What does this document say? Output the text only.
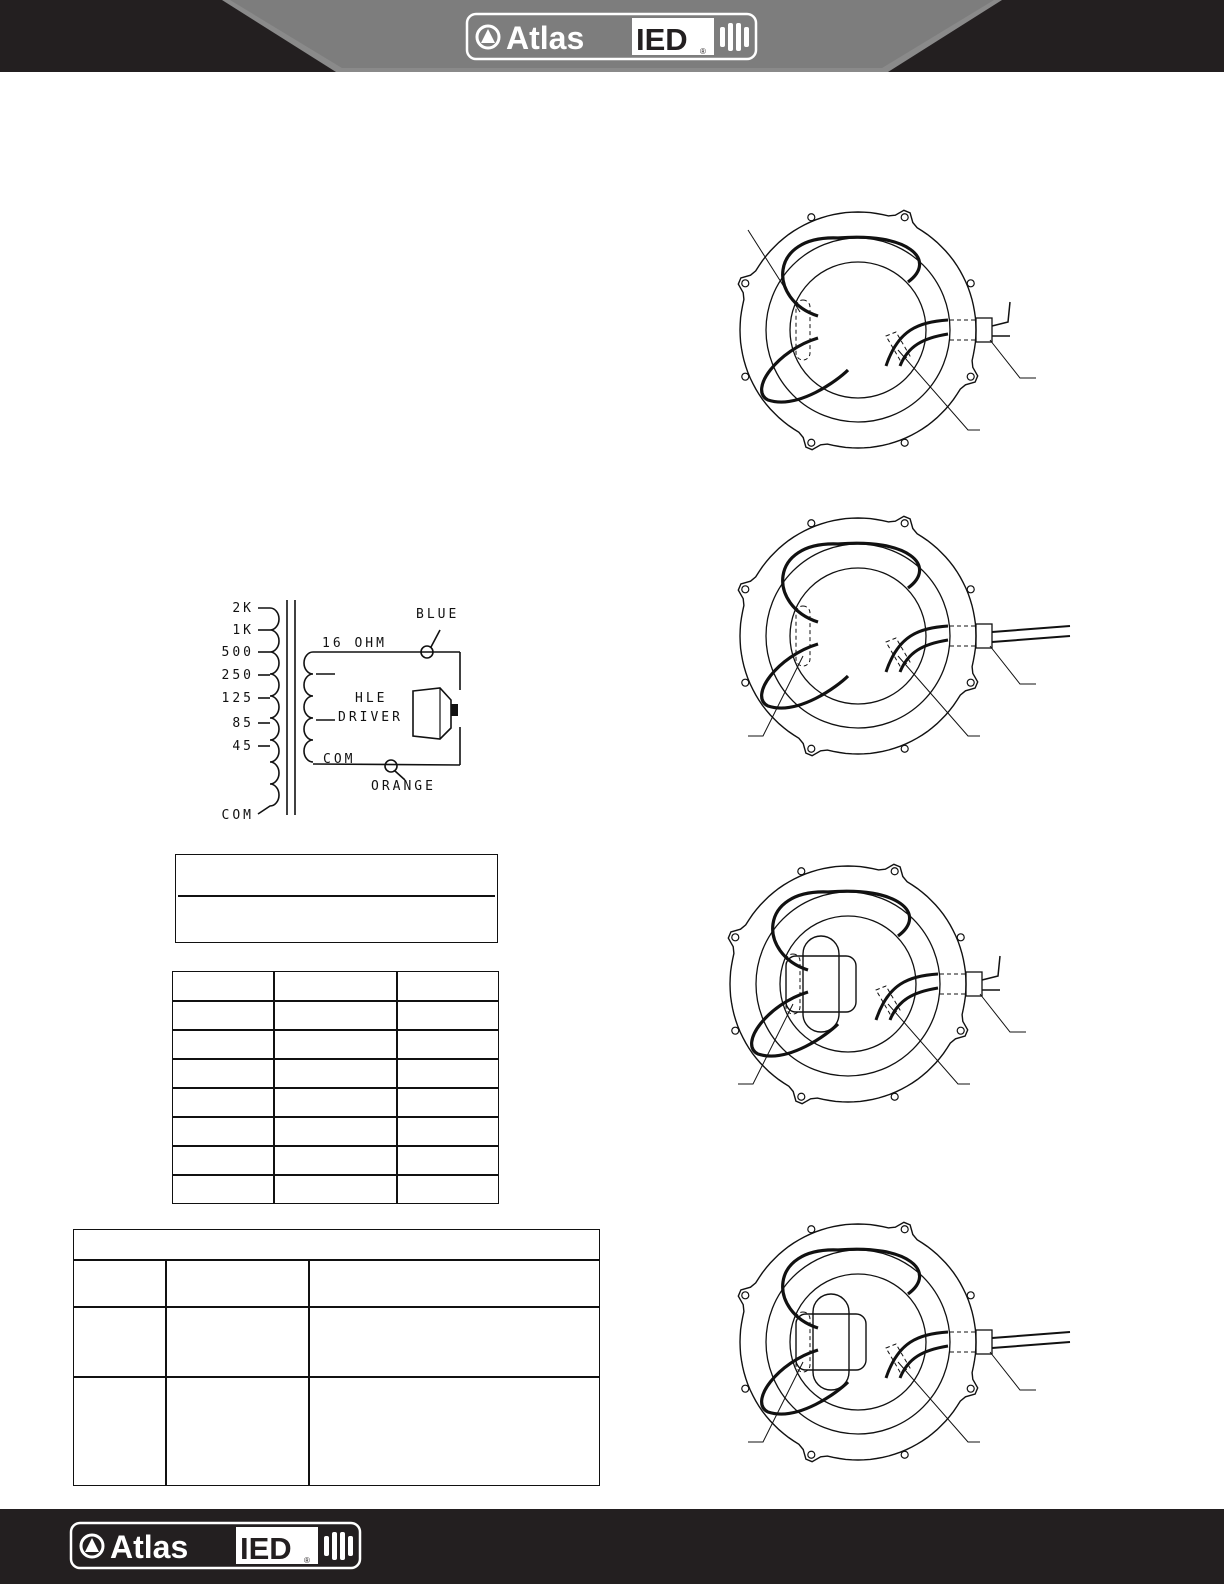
Atlas IED ®
2K
1K
500
250
125
85
45
COM
16 OHM
COM
HLE
DRIVER
BLUE
ORANGE
Atlas IED ®
